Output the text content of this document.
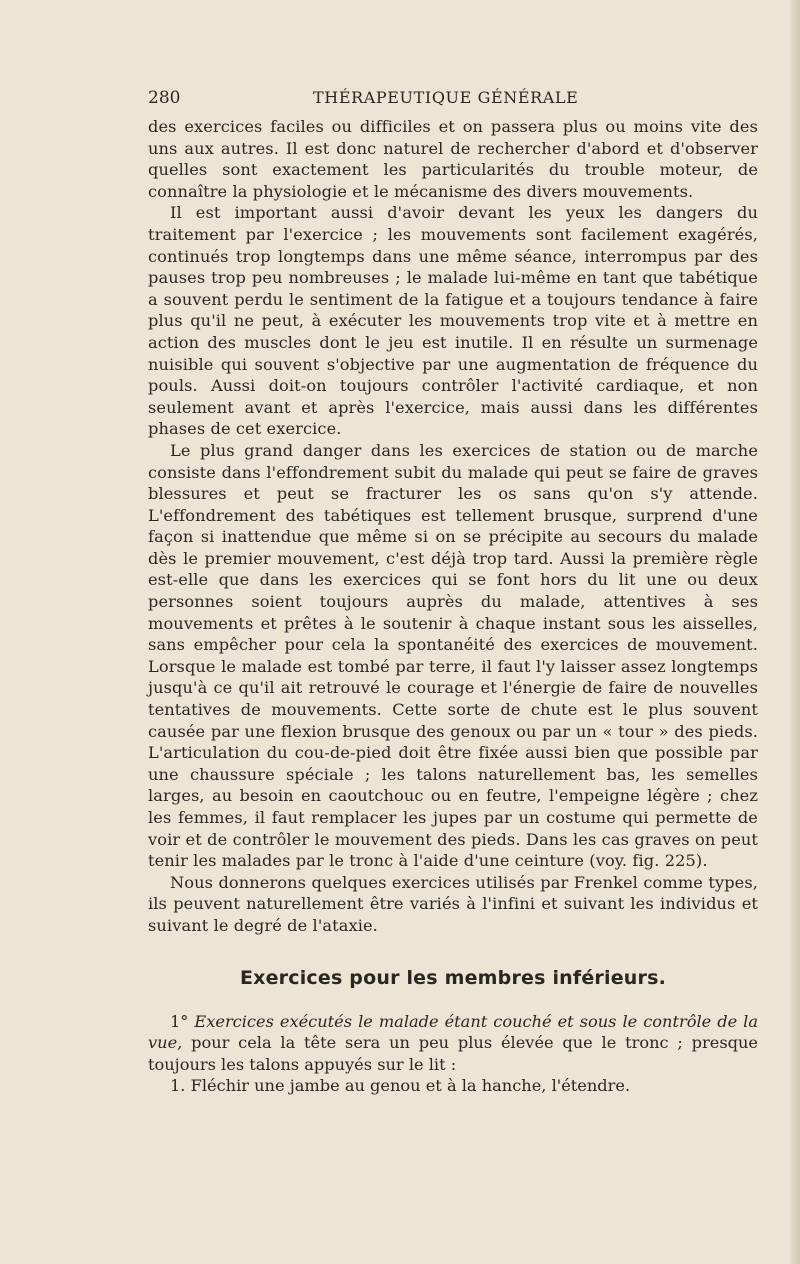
280	THÉRAPEUTIQUE GÉNÉRALE

des exercices faciles ou difficiles et on passera plus ou moins vite des uns aux autres. Il est donc naturel de rechercher d'abord et d'observer quelles sont exactement les particularités du trouble moteur, de connaître la physiologie et le mécanisme des divers mouvements.

Il est important aussi d'avoir devant les yeux les dangers du traitement par l'exercice ; les mouvements sont facilement exagérés, continués trop longtemps dans une même séance, interrompus par des pauses trop peu nombreuses ; le malade lui-même en tant que tabétique a souvent perdu le sentiment de la fatigue et a toujours tendance à faire plus qu'il ne peut, à exécuter les mouvements trop vite et à mettre en action des muscles dont le jeu est inutile. Il en résulte un surmenage nuisible qui souvent s'objective par une augmentation de fréquence du pouls. Aussi doit-on toujours contrôler l'activité cardiaque, et non seulement avant et après l'exercice, mais aussi dans les différentes phases de cet exercice.

Le plus grand danger dans les exercices de station ou de marche consiste dans l'effondrement subit du malade qui peut se faire de graves blessures et peut se fracturer les os sans qu'on s'y attende. L'effondrement des tabétiques est tellement brusque, surprend d'une façon si inattendue que même si on se précipite au secours du malade dès le premier mouvement, c'est déjà trop tard. Aussi la première règle est-elle que dans les exercices qui se font hors du lit une ou deux personnes soient toujours auprès du malade, attentives à ses mouvements et prêtes à le soutenir à chaque instant sous les aisselles, sans empêcher pour cela la spontanéité des exercices de mouvement. Lorsque le malade est tombé par terre, il faut l'y laisser assez longtemps jusqu'à ce qu'il ait retrouvé le courage et l'énergie de faire de nouvelles tentatives de mouvements. Cette sorte de chute est le plus souvent causée par une flexion brusque des genoux ou par un « tour » des pieds. L'articulation du cou-de-pied doit être fixée aussi bien que possible par une chaussure spéciale ; les talons naturellement bas, les semelles larges, au besoin en caoutchouc ou en feutre, l'empeigne légère ; chez les femmes, il faut remplacer les jupes par un costume qui permette de voir et de contrôler le mouvement des pieds. Dans les cas graves on peut tenir les malades par le tronc à l'aide d'une ceinture (voy. fig. 225).

Nous donnerons quelques exercices utilisés par Frenkel comme types, ils peuvent naturellement être variés à l'infini et suivant les individus et suivant le degré de l'ataxie.

Exercices pour les membres inférieurs.

1° Exercices exécutés le malade étant couché et sous le contrôle de la vue, pour cela la tête sera un peu plus élevée que le tronc ; presque toujours les talons appuyés sur le lit :

1. Fléchir une jambe au genou et à la hanche, l'étendre.
